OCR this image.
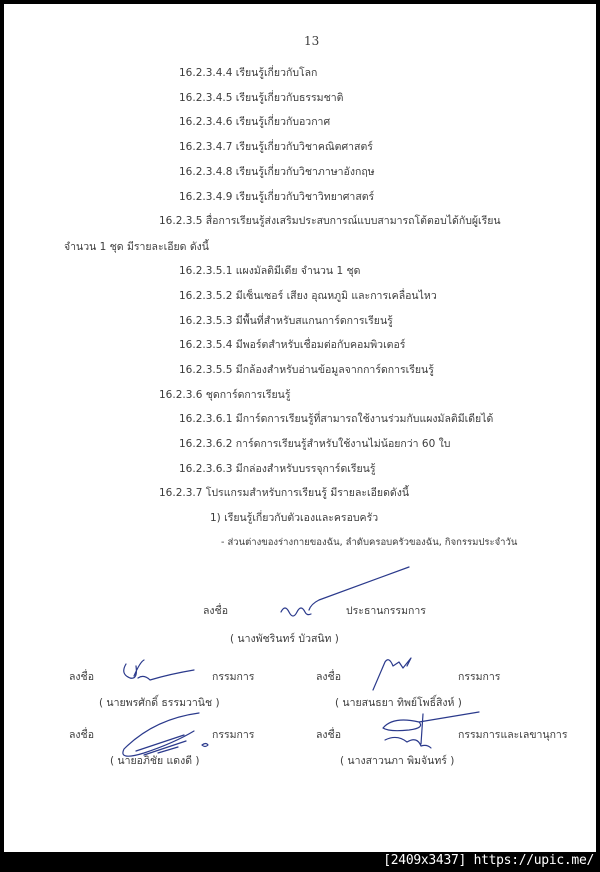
13
16.2.3.4.4 เรียนรู้เกี่ยวกับโลก
16.2.3.4.5 เรียนรู้เกี่ยวกับธรรมชาติ
16.2.3.4.6 เรียนรู้เกี่ยวกับอวกาศ
16.2.3.4.7 เรียนรู้เกี่ยวกับวิชาคณิตศาสตร์
16.2.3.4.8 เรียนรู้เกี่ยวกับวิชาภาษาอังกฤษ
16.2.3.4.9 เรียนรู้เกี่ยวกับวิชาวิทยาศาสตร์
16.2.3.5 สื่อการเรียนรู้ส่งเสริมประสบการณ์แบบสามารถโต้ตอบได้กับผู้เรียน
จำนวน 1 ชุด มีรายละเอียด ดังนี้
16.2.3.5.1 แผงมัลติมีเดีย จำนวน 1 ชุด
16.2.3.5.2 มีเซ็นเซอร์ เสียง อุณหภูมิ และการเคลื่อนไหว
16.2.3.5.3 มีพื้นที่สำหรับสแกนการ์ดการเรียนรู้
16.2.3.5.4 มีพอร์ตสำหรับเชื่อมต่อกับคอมพิวเตอร์
16.2.3.5.5 มีกล้องสำหรับอ่านข้อมูลจากการ์ดการเรียนรู้
16.2.3.6 ชุดการ์ดการเรียนรู้
16.2.3.6.1 มีการ์ดการเรียนรู้ที่สามารถใช้งานร่วมกับแผงมัลติมีเดียได้
16.2.3.6.2 การ์ดการเรียนรู้สำหรับใช้งานไม่น้อยกว่า 60 ใบ
16.2.3.6.3 มีกล่องสำหรับบรรจุการ์ดเรียนรู้
16.2.3.7 โปรแกรมสำหรับการเรียนรู้ มีรายละเอียดดังนี้
1) เรียนรู้เกี่ยวกับตัวเองและครอบครัว
- ส่วนต่างของร่างกายของฉัน, ลำดับครอบครัวของฉัน, กิจกรรมประจำวัน
ลงชื่อ	ประธานกรรมการ
( นางพัชรินทร์ บัวสนิท )
ลงชื่อ	กรรมการ
( นายพรศักดิ์ ธรรมวานิช )
ลงชื่อ	กรรมการ
( นายสนธยา ทิพย์โพธิ์สิงห์ )
ลงชื่อ	กรรมการ
( นายอภิชัย แดงดี )
ลงชื่อ	กรรมการและเลขานุการ
( นางสาวนภา พิมจันทร์ )
[2409x3437] https://upic.me/
